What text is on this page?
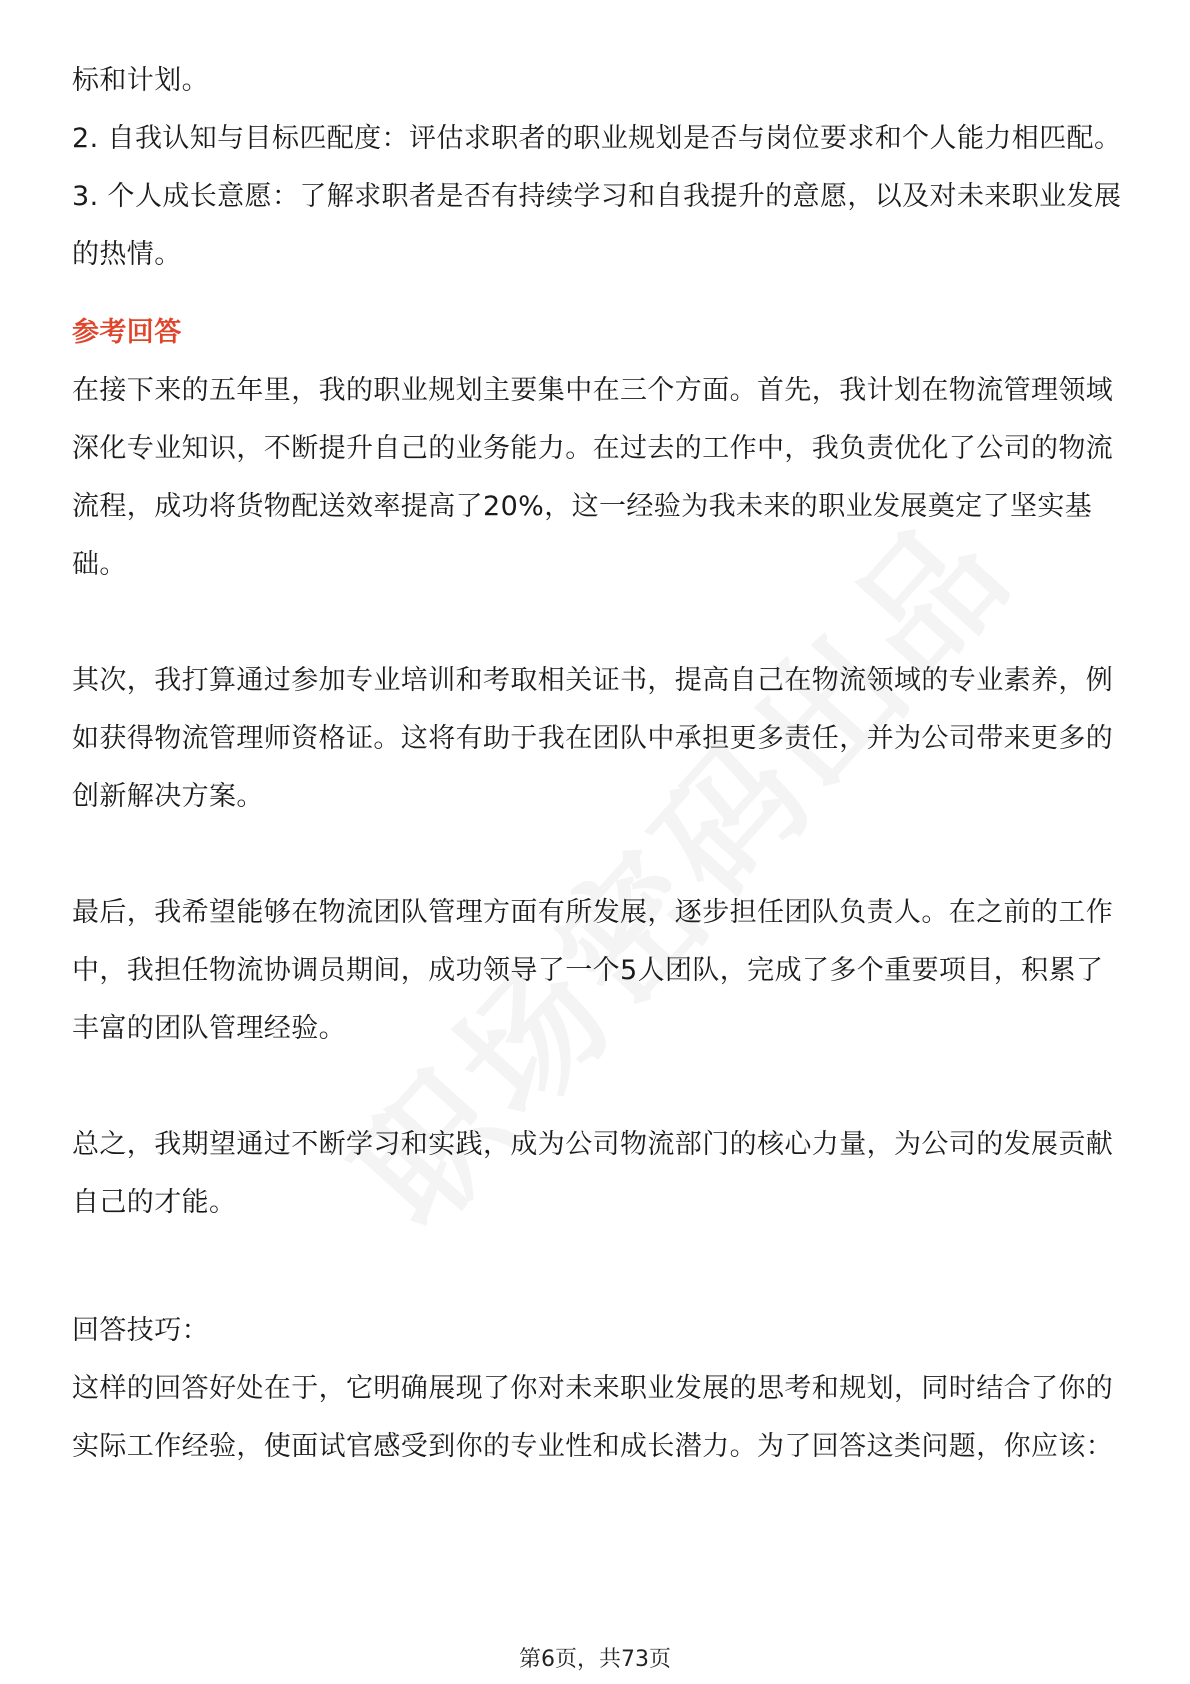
标和计划。

2. 自我认知与目标匹配度：评估求职者的职业规划是否与岗位要求和个人能力相匹配。

3. 个人成长意愿：了解求职者是否有持续学习和自我提升的意愿，以及对未来职业发展的热情。

参考回答

在接下来的五年里，我的职业规划主要集中在三个方面。首先，我计划在物流管理领域深化专业知识，不断提升自己的业务能力。在过去的工作中，我负责优化了公司的物流流程，成功将货物配送效率提高了20%，这一经验为我未来的职业发展奠定了坚实基础。

其次，我打算通过参加专业培训和考取相关证书，提高自己在物流领域的专业素养，例如获得物流管理师资格证。这将有助于我在团队中承担更多责任，并为公司带来更多的创新解决方案。

最后，我希望能够在物流团队管理方面有所发展，逐步担任团队负责人。在之前的工作中，我担任物流协调员期间，成功领导了一个5人团队，完成了多个重要项目，积累了丰富的团队管理经验。

总之，我期望通过不断学习和实践，成为公司物流部门的核心力量，为公司的发展贡献自己的才能。

回答技巧：

这样的回答好处在于，它明确展现了你对未来职业发展的思考和规划，同时结合了你的实际工作经验，使面试官感受到你的专业性和成长潜力。为了回答这类问题，你应该：

第6页，共73页
